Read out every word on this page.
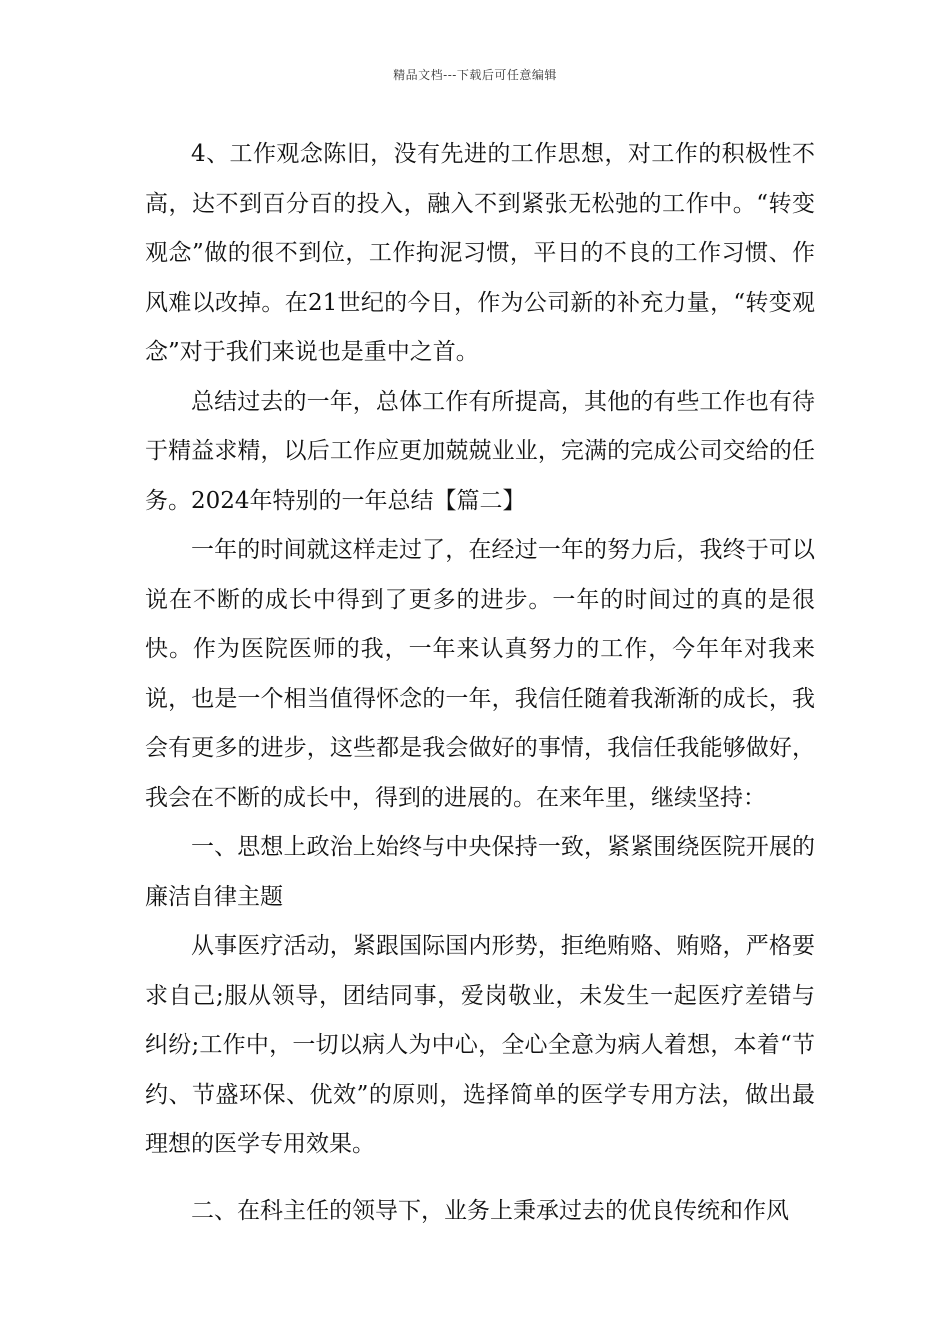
精品文档---下载后可任意编辑

4、工作观念陈旧，没有先进的工作思想，对工作的积极性不高，达不到百分百的投入，融入不到紧张无松弛的工作中。“转变观念”做的很不到位，工作拘泥习惯，平日的不良的工作习惯、作风难以改掉。在21世纪的今日，作为公司新的补充力量，“转变观念”对于我们来说也是重中之首。

总结过去的一年，总体工作有所提高，其他的有些工作也有待于精益求精，以后工作应更加兢兢业业，完满的完成公司交给的任务。2024年特别的一年总结【篇二】

一年的时间就这样走过了，在经过一年的努力后，我终于可以说在不断的成长中得到了更多的进步。一年的时间过的真的是很快。作为医院医师的我，一年来认真努力的工作，今年年对我来说，也是一个相当值得怀念的一年，我信任随着我渐渐的成长，我会有更多的进步，这些都是我会做好的事情，我信任我能够做好，我会在不断的成长中，得到的进展的。在来年里，继续坚持：

一、思想上政治上始终与中央保持一致，紧紧围绕医院开展的廉洁自律主题

从事医疗活动，紧跟国际国内形势，拒绝贿赂、贿赂，严格要求自己;服从领导，团结同事，爱岗敬业，未发生一起医疗差错与纠纷;工作中，一切以病人为中心，全心全意为病人着想，本着“节约、节盛环保、优效”的原则，选择简单的医学专用方法，做出最理想的医学专用效果。

二、在科主任的领导下，业务上秉承过去的优良传统和作风
